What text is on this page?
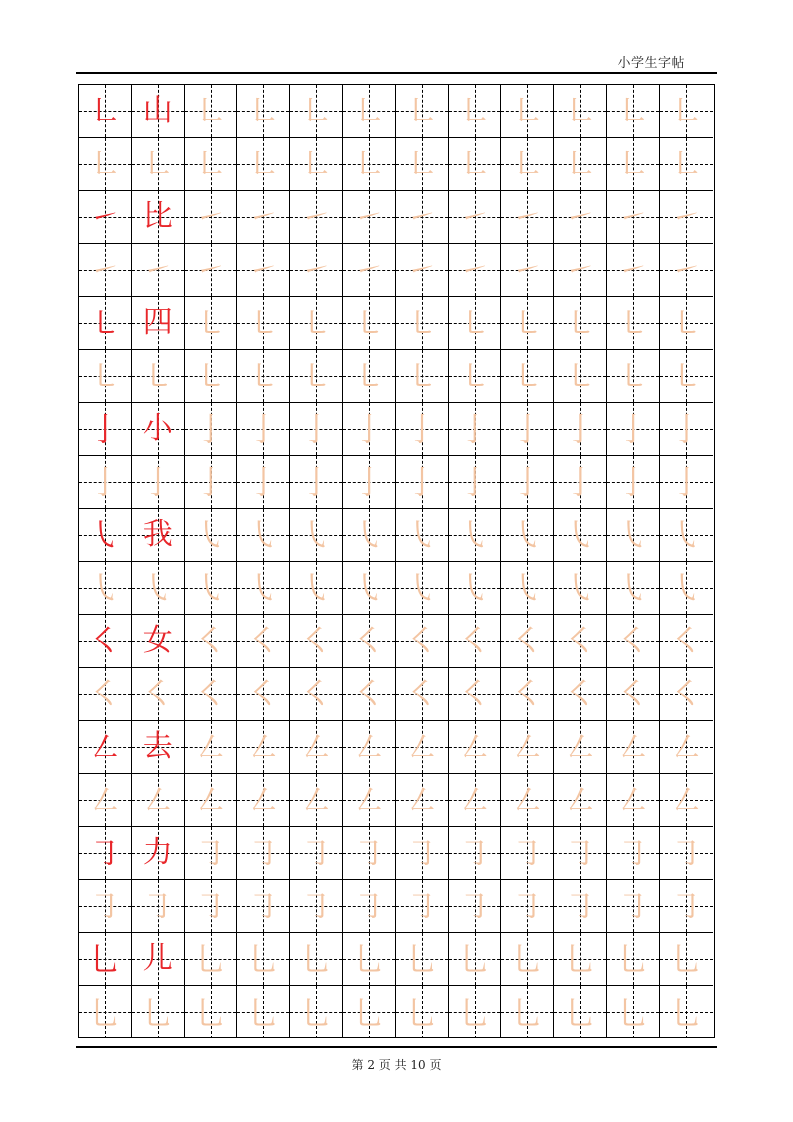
小学生字帖
㇗ 山 ㇗ ㇗ ㇗ ㇗ ㇗ ㇗ ㇗ ㇗ ㇗ ㇗
㇗ ㇗ ㇗ ㇗ ㇗ ㇗ ㇗ ㇗ ㇗ ㇗ ㇗ ㇗
㇀ 比 ㇀ ㇀ ㇀ ㇀ ㇀ ㇀ ㇀ ㇀ ㇀ ㇀
㇀ ㇀ ㇀ ㇀ ㇀ ㇀ ㇀ ㇀ ㇀ ㇀ ㇀ ㇀
㇄ 四 ㇄ ㇄ ㇄ ㇄ ㇄ ㇄ ㇄ ㇄ ㇄ ㇄
㇄ ㇄ ㇄ ㇄ ㇄ ㇄ ㇄ ㇄ ㇄ ㇄ ㇄ ㇄
亅 小 亅 亅 亅 亅 亅 亅 亅 亅 亅 亅
亅 亅 亅 亅 亅 亅 亅 亅 亅 亅 亅 亅
㇂ 我 ㇂ ㇂ ㇂ ㇂ ㇂ ㇂ ㇂ ㇂ ㇂ ㇂
㇂ ㇂ ㇂ ㇂ ㇂ ㇂ ㇂ ㇂ ㇂ ㇂ ㇂ ㇂
㇛ 女 ㇛ ㇛ ㇛ ㇛ ㇛ ㇛ ㇛ ㇛ ㇛ ㇛
㇛ ㇛ ㇛ ㇛ ㇛ ㇛ ㇛ ㇛ ㇛ ㇛ ㇛ ㇛
㇜ 去 ㇜ ㇜ ㇜ ㇜ ㇜ ㇜ ㇜ ㇜ ㇜ ㇜
㇜ ㇜ ㇜ ㇜ ㇜ ㇜ ㇜ ㇜ ㇜ ㇜ ㇜ ㇜
㇆ 力 ㇆ ㇆ ㇆ ㇆ ㇆ ㇆ ㇆ ㇆ ㇆ ㇆
㇆ ㇆ ㇆ ㇆ ㇆ ㇆ ㇆ ㇆ ㇆ ㇆ ㇆ ㇆
乚 儿 乚 乚 乚 乚 乚 乚 乚 乚 乚 乚
乚 乚 乚 乚 乚 乚 乚 乚 乚 乚 乚 乚
第 2 页 共 10 页
